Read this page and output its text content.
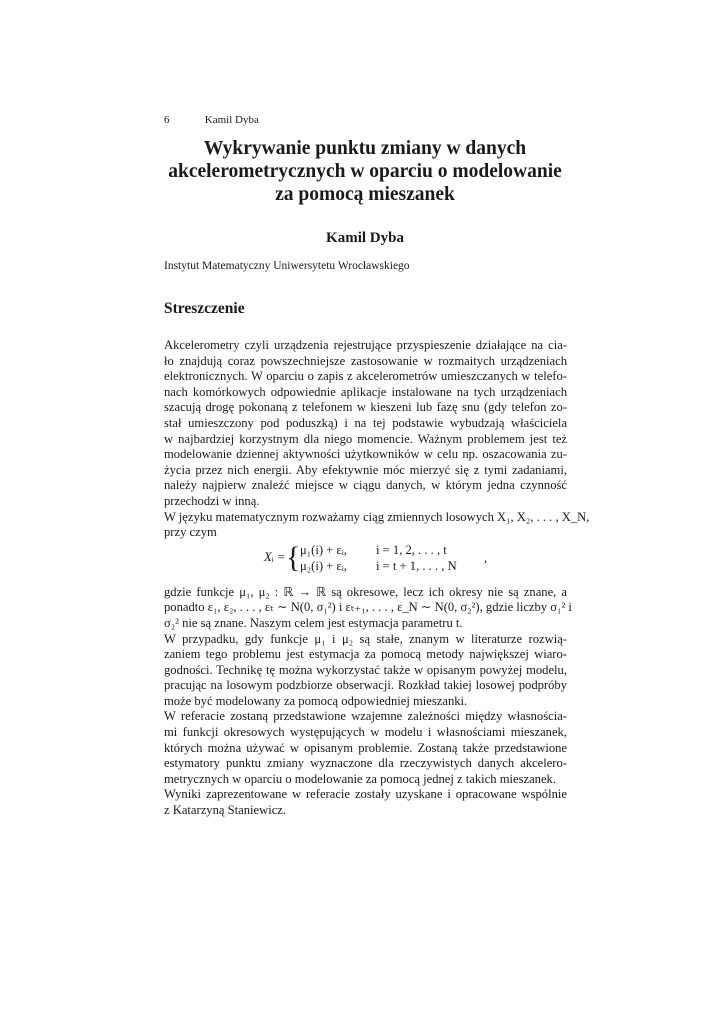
6	Kamil Dyba
Wykrywanie punktu zmiany w danych
akcelerometrycznych w oparciu o modelowanie
za pomocą mieszanek
Kamil Dyba
Instytut Matematyczny Uniwersytetu Wrocławskiego
Streszczenie
Akcelerometry czyli urządzenia rejestrujące przyspieszenie działające na cia-
ło znajdują coraz powszechniejsze zastosowanie w rozmaitych urządzeniach
elektronicznych. W oparciu o zapis z akcelerometrów umieszczanych w telefo-
nach komórkowych odpowiednie aplikacje instalowane na tych urządzeniach
szacują drogę pokonaną z telefonem w kieszeni lub fazę snu (gdy telefon zo-
stał umieszczony pod poduszką) i na tej podstawie wybudzają właściciela
w najbardziej korzystnym dla niego momencie. Ważnym problemem jest też
modelowanie dziennej aktywności użytkowników w celu np. oszacowania zu-
życia przez nich energii. Aby efektywnie móc mierzyć się z tymi zadaniami,
należy najpierw znaleźć miejsce w ciągu danych, w którym jedna czynność
przechodzi w inną.
W języku matematycznym rozważamy ciąg zmiennych losowych X₁, X₂, . . . , X_N,
przy czym
Xᵢ = { μ₁(i) + εᵢ, i = 1, 2, . . . , t
μ₂(i) + εᵢ, i = t + 1, . . . , N
,
gdzie funkcje μ₁, μ₂ : ℝ → ℝ są okresowe, lecz ich okresy nie są znane, a
ponadto ε₁, ε₂, . . . , εₜ ∼ N(0, σ₁²) i εₜ₊₁, . . . , ε_N ∼ N(0, σ₂²), gdzie liczby σ₁² i
σ₂² nie są znane. Naszym celem jest estymacja parametru t.
W przypadku, gdy funkcje μ₁ i μ₂ są stałe, znanym w literaturze rozwią-
zaniem tego problemu jest estymacja za pomocą metody największej wiaro-
godności. Technikę tę można wykorzystać także w opisanym powyżej modelu,
pracując na losowym podzbiorze obserwacji. Rozkład takiej losowej podpróby
może być modelowany za pomocą odpowiedniej mieszanki.
W referacie zostaną przedstawione wzajemne zależności między własnościa-
mi funkcji okresowych występujących w modelu i własnościami mieszanek,
których można używać w opisanym problemie. Zostaną także przedstawione
estymatory punktu zmiany wyznaczone dla rzeczywistych danych akcelero-
metrycznych w oparciu o modelowanie za pomocą jednej z takich mieszanek.
Wyniki zaprezentowane w referacie zostały uzyskane i opracowane wspólnie
z Katarzyną Staniewicz.
